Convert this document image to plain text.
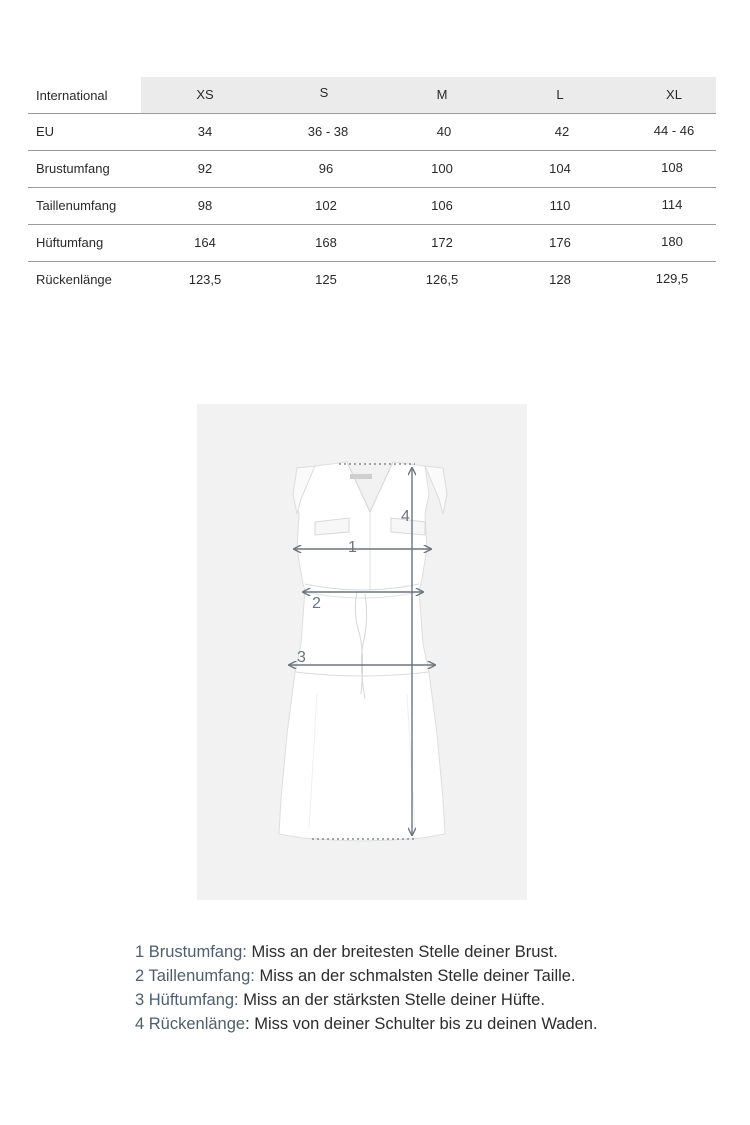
International	XS	S	M	L	XL
EU	34	36 - 38	40	42	44 - 46
Brustumfang	92	96	100	104	108
Taillenumfang	98	102	106	110	114
Hüftumfang	164	168	172	176	180
Rückenlänge	123,5	125	126,5	128	129,5
1
2
3
4
1 Brustumfang: Miss an der breitesten Stelle deiner Brust.
2 Taillenumfang: Miss an der schmalsten Stelle deiner Taille.
3 Hüftumfang: Miss an der stärksten Stelle deiner Hüfte.
4 Rückenlänge: Miss von deiner Schulter bis zu deinen Waden.
